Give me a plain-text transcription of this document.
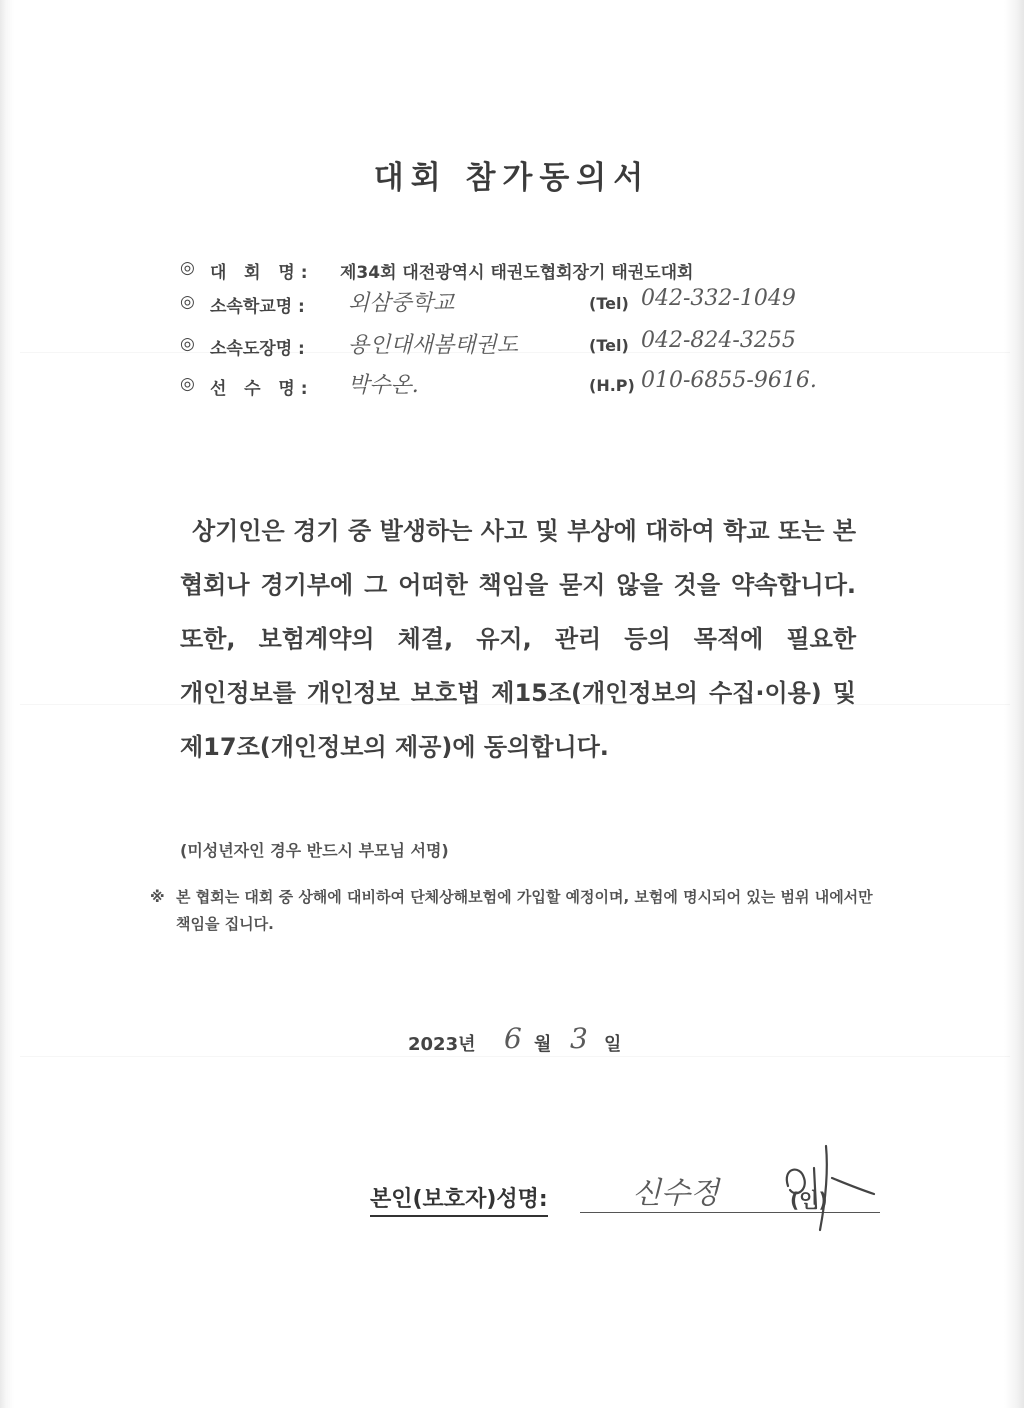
대회 참가동의서
◎ 대   회   명 : 제34회 대전광역시 태권도협회장기 태권도대회
◎ 소속학교명 : 외삼중학교	(Tel) 042-332-1049
◎ 소속도장명 : 용인대새봄태권도	(Tel) 042-824-3255
◎ 선   수   명 : 박수온.	(H.P) 010-6855-9616.
상기인은 경기 중 발생하는 사고 및 부상에 대하여 학교 또는 본 협회나 경기부에 그 어떠한 책임을 묻지 않을 것을 약속합니다. 또한, 보험계약의 체결, 유지, 관리 등의 목적에 필요한 개인정보를 개인정보 보호법 제15조(개인정보의 수집·이용) 및 제17조(개인정보의 제공)에 동의합니다.
(미성년자인 경우 반드시 부모님 서명)
※ 본 협회는 대회 중 상해에 대비하여 단체상해보험에 가입할 예정이며, 보험에 명시되어 있는 범위 내에서만 책임을 집니다.
2023년 6 월 3 일
본인(보호자)성명:	신수정	(인)
